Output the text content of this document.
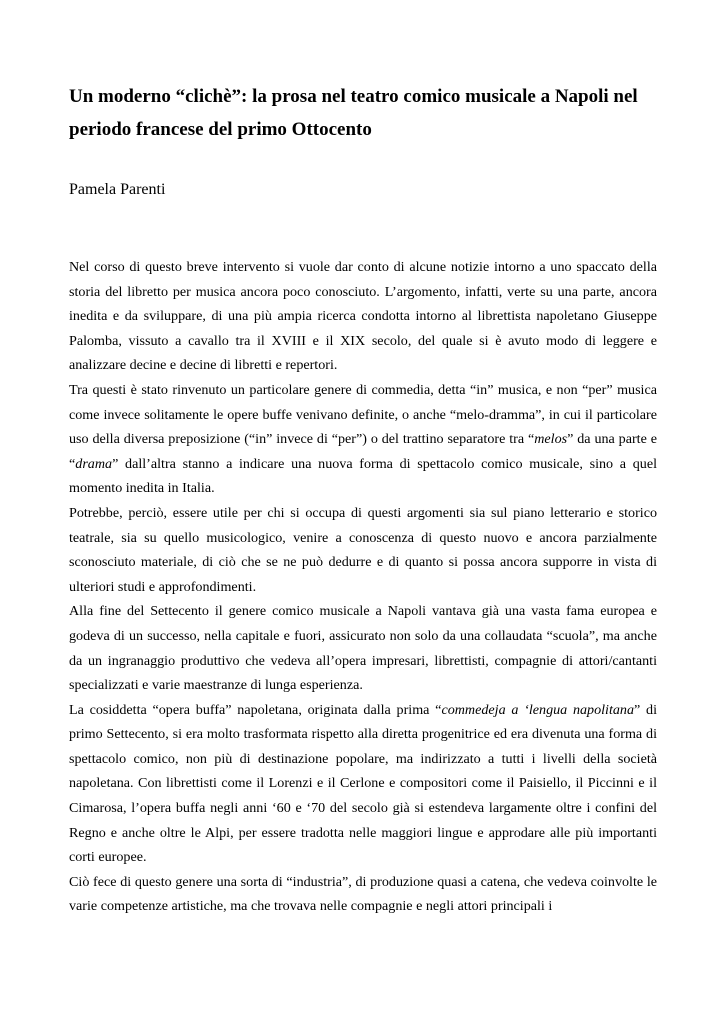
Un moderno “clichè”: la prosa nel teatro comico musicale a Napoli nel periodo francese del primo Ottocento

Pamela Parenti

Nel corso di questo breve intervento si vuole dar conto di alcune notizie intorno a uno spaccato della storia del libretto per musica ancora poco conosciuto. L’argomento, infatti, verte su una parte, ancora inedita e da sviluppare, di una più ampia ricerca condotta intorno al librettista napoletano Giuseppe Palomba, vissuto a cavallo tra il XVIII e il XIX secolo, del quale si è avuto modo di leggere e analizzare decine e decine di libretti e repertori.

Tra questi è stato rinvenuto un particolare genere di commedia, detta “in” musica, e non “per” musica come invece solitamente le opere buffe venivano definite, o anche “melo-dramma”, in cui il particolare uso della diversa preposizione (“in” invece di “per”) o del trattino separatore tra “melos” da una parte e “drama” dall’altra stanno a indicare una nuova forma di spettacolo comico musicale, sino a quel momento inedita in Italia.

Potrebbe, perciò, essere utile per chi si occupa di questi argomenti sia sul piano letterario e storico teatrale, sia su quello musicologico, venire a conoscenza di questo nuovo e ancora parzialmente sconosciuto materiale, di ciò che se ne può dedurre e di quanto si possa ancora supporre in vista di ulteriori studi e approfondimenti.

Alla fine del Settecento il genere comico musicale a Napoli vantava già una vasta fama europea e godeva di un successo, nella capitale e fuori, assicurato non solo da una collaudata “scuola”, ma anche da un ingranaggio produttivo che vedeva all’opera impresari, librettisti, compagnie di attori/cantanti specializzati e varie maestranze di lunga esperienza.

La cosiddetta “opera buffa” napoletana, originata dalla prima “commedeja a ‘lengua napolitana” di primo Settecento, si era molto trasformata rispetto alla diretta progenitrice ed era divenuta una forma di spettacolo comico, non più di destinazione popolare, ma indirizzato a tutti i livelli della società napoletana. Con librettisti come il Lorenzi e il Cerlone e compositori come il Paisiello, il Piccinni e il Cimarosa, l’opera buffa negli anni ‘60 e ‘70 del secolo già si estendeva largamente oltre i confini del Regno e anche oltre le Alpi, per essere tradotta nelle maggiori lingue e approdare alle più importanti corti europee.

Ciò fece di questo genere una sorta di “industria”, di produzione quasi a catena, che vedeva coinvolte le varie competenze artistiche, ma che trovava nelle compagnie e negli attori principali i
